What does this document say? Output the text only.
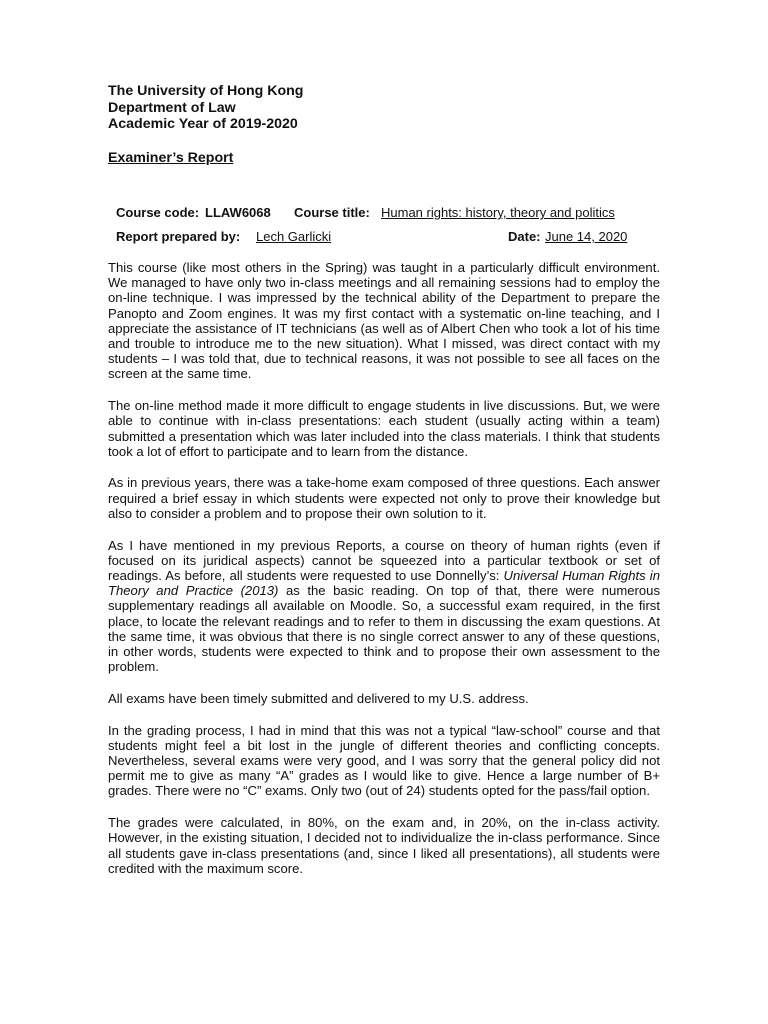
The University of Hong Kong
Department of Law
Academic Year of 2019-2020
Examiner’s Report
Course code: LLAW6068 Course title: Human rights: history, theory and politics
Report prepared by: Lech Garlicki	Date: June 14, 2020

This course (like most others in the Spring) was taught in a particularly difficult environment. We managed to have only two in-class meetings and all remaining sessions had to employ the on-line technique. I was impressed by the technical ability of the Department to prepare the Panopto and Zoom engines. It was my first contact with a systematic on-line teaching, and I appreciate the assistance of IT technicians (as well as of Albert Chen who took a lot of his time and trouble to introduce me to the new situation). What I missed, was direct contact with my students – I was told that, due to technical reasons, it was not possible to see all faces on the screen at the same time.

The on-line method made it more difficult to engage students in live discussions. But, we were able to continue with in-class presentations: each student (usually acting within a team) submitted a presentation which was later included into the class materials. I think that students took a lot of effort to participate and to learn from the distance.

As in previous years, there was a take-home exam composed of three questions. Each answer required a brief essay in which students were expected not only to prove their knowledge but also to consider a problem and to propose their own solution to it.

As I have mentioned in my previous Reports, a course on theory of human rights (even if focused on its juridical aspects) cannot be squeezed into a particular textbook or set of readings. As before, all students were requested to use Donnelly’s: Universal Human Rights in Theory and Practice (2013) as the basic reading. On top of that, there were numerous supplementary readings all available on Moodle. So, a successful exam required, in the first place, to locate the relevant readings and to refer to them in discussing the exam questions. At the same time, it was obvious that there is no single correct answer to any of these questions, in other words, students were expected to think and to propose their own assessment to the problem.

All exams have been timely submitted and delivered to my U.S. address.

In the grading process, I had in mind that this was not a typical “law-school” course and that students might feel a bit lost in the jungle of different theories and conflicting concepts. Nevertheless, several exams were very good, and I was sorry that the general policy did not permit me to give as many “A” grades as I would like to give. Hence a large number of B+ grades. There were no “C” exams. Only two (out of 24) students opted for the pass/fail option.

The grades were calculated, in 80%, on the exam and, in 20%, on the in-class activity. However, in the existing situation, I decided not to individualize the in-class performance. Since all students gave in-class presentations (and, since I liked all presentations), all students were credited with the maximum score.
